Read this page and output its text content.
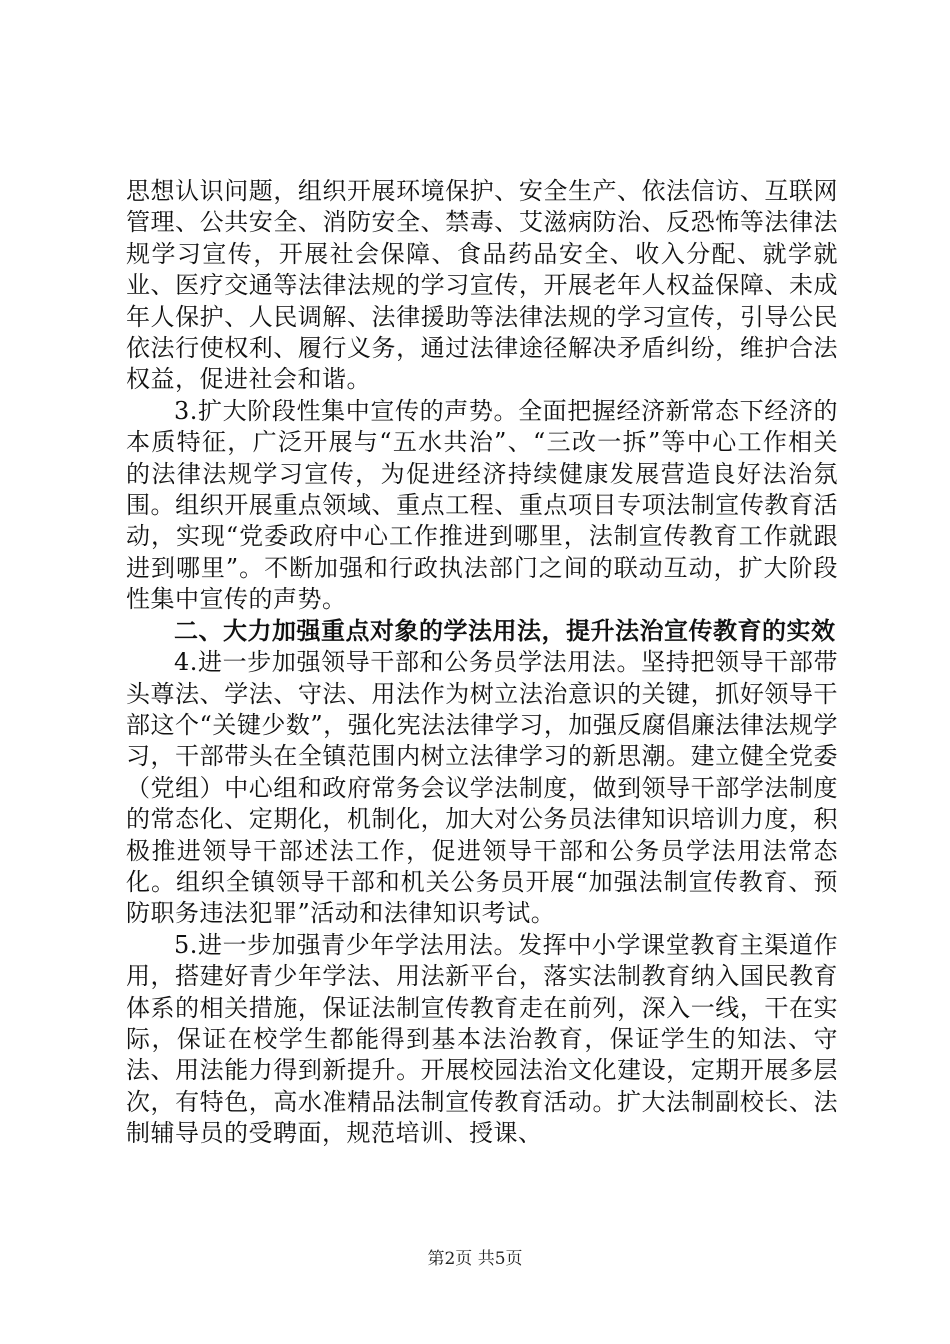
思想认识问题，组织开展环境保护、安全生产、依法信访、互联网管理、公共安全、消防安全、禁毒、艾滋病防治、反恐怖等法律法规学习宣传，开展社会保障、食品药品安全、收入分配、就学就业、医疗交通等法律法规的学习宣传，开展老年人权益保障、未成年人保护、人民调解、法律援助等法律法规的学习宣传，引导公民依法行使权利、履行义务，通过法律途径解决矛盾纠纷，维护合法权益，促进社会和谐。

3.扩大阶段性集中宣传的声势。全面把握经济新常态下经济的本质特征，广泛开展与“五水共治”、“三改一拆”等中心工作相关的法律法规学习宣传，为促进经济持续健康发展营造良好法治氛围。组织开展重点领域、重点工程、重点项目专项法制宣传教育活动，实现“党委政府中心工作推进到哪里，法制宣传教育工作就跟进到哪里”。不断加强和行政执法部门之间的联动互动，扩大阶段性集中宣传的声势。

二、大力加强重点对象的学法用法，提升法治宣传教育的实效

4.进一步加强领导干部和公务员学法用法。坚持把领导干部带头尊法、学法、守法、用法作为树立法治意识的关键，抓好领导干部这个“关键少数”，强化宪法法律学习，加强反腐倡廉法律法规学习，干部带头在全镇范围内树立法律学习的新思潮。建立健全党委（党组）中心组和政府常务会议学法制度，做到领导干部学法制度的常态化、定期化，机制化，加大对公务员法律知识培训力度，积极推进领导干部述法工作，促进领导干部和公务员学法用法常态化。组织全镇领导干部和机关公务员开展“加强法制宣传教育、预防职务违法犯罪”活动和法律知识考试。

5.进一步加强青少年学法用法。发挥中小学课堂教育主渠道作用，搭建好青少年学法、用法新平台，落实法制教育纳入国民教育体系的相关措施，保证法制宣传教育走在前列，深入一线，干在实际，保证在校学生都能得到基本法治教育，保证学生的知法、守法、用法能力得到新提升。开展校园法治文化建设，定期开展多层次，有特色，高水准精品法制宣传教育活动。扩大法制副校长、法制辅导员的受聘面，规范培训、授课、

第2页 共5页
